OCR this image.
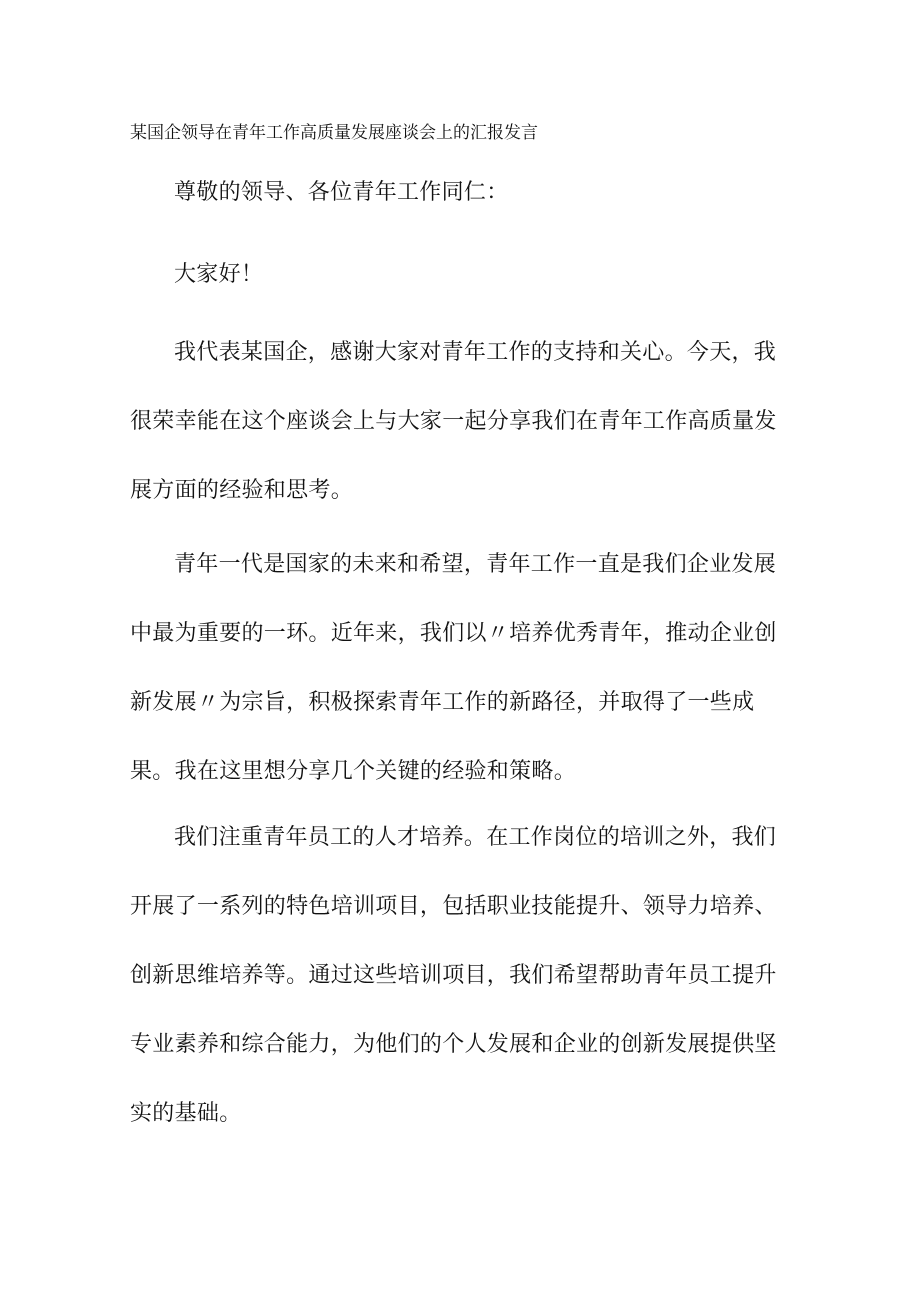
某国企领导在青年工作高质量发展座谈会上的汇报发言

尊敬的领导、各位青年工作同仁：

大家好！

我代表某国企，感谢大家对青年工作的支持和关心。今天，我很荣幸能在这个座谈会上与大家一起分享我们在青年工作高质量发展方面的经验和思考。

青年一代是国家的未来和希望，青年工作一直是我们企业发展中最为重要的一环。近年来，我们以〃培养优秀青年，推动企业创新发展〃为宗旨，积极探索青年工作的新路径，并取得了一些成果。我在这里想分享几个关键的经验和策略。

我们注重青年员工的人才培养。在工作岗位的培训之外，我们开展了一系列的特色培训项目，包括职业技能提升、领导力培养、创新思维培养等。通过这些培训项目，我们希望帮助青年员工提升专业素养和综合能力，为他们的个人发展和企业的创新发展提供坚实的基础。
